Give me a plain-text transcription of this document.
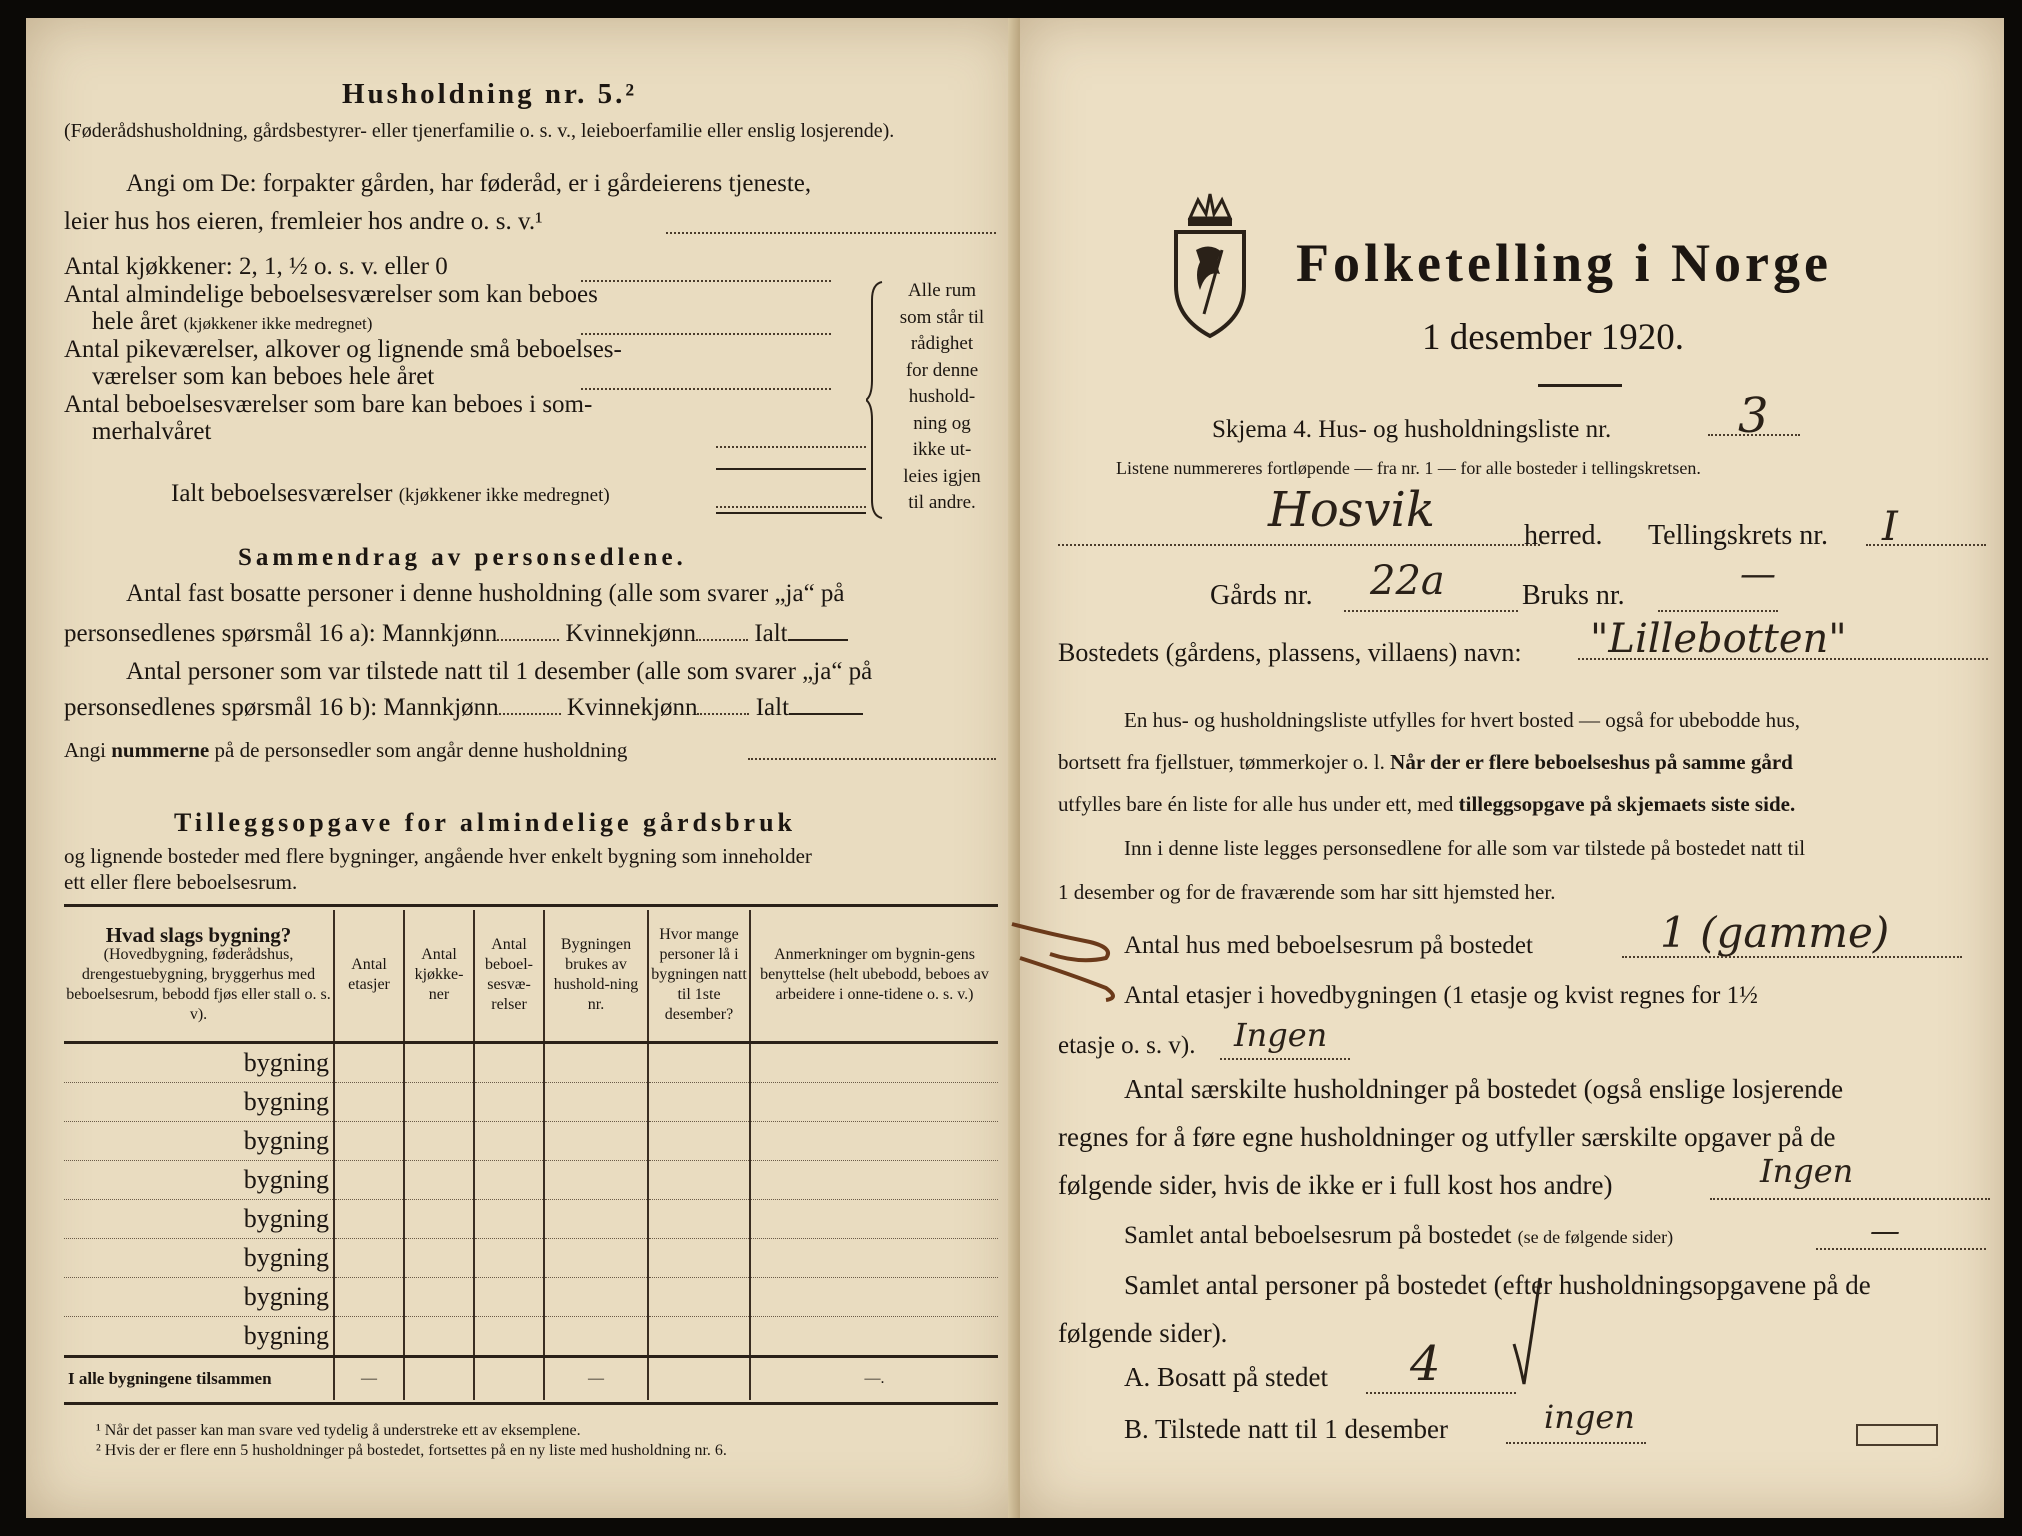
Husholdning nr. 5.²
(Føderådshusholdning, gårdsbestyrer- eller tjenerfamilie o. s. v., leieboerfamilie eller enslig losjerende).
Angi om De: forpakter gården, har føderåd, er i gårdeierens tjeneste,
leier hus hos eieren, fremleier hos andre o. s. v.¹
Antal kjøkkener: 2, 1, ½ o. s. v. eller 0
Antal almindelige beboelsesværelser som kan beboes
hele året (kjøkkener ikke medregnet)
Antal pikeværelser, alkover og lignende små beboelses-
værelser som kan beboes hele året
Antal beboelsesværelser som bare kan beboes i som-
merhalvåret
Ialt beboelsesværelser (kjøkkener ikke medregnet)
Alle rum
som står til
rådighet
for denne
hushold-
ning og
ikke ut-
leies igjen
til andre.
Sammendrag av personsedlene.
Antal fast bosatte personer i denne husholdning (alle som svarer „ja“ på
personsedlenes spørsmål 16 a): Mannkjønn	Kvinnekjønn Ialt
Antal personer som var tilstede natt til 1 desember (alle som svarer „ja“ på
personsedlenes spørsmål 16 b): Mannkjønn	Kvinnekjønn Ialt
Angi nummerne på de personsedler som angår denne husholdning
Tilleggsopgave for almindelige gårdsbruk
og lignende bosteder med flere bygninger, angående hver enkelt bygning som inneholder
ett eller flere beboelsesrum.
Hvad slags bygning?
(Hovedbygning, føderådshus, drengestuebygning, bryggerhus med beboelsesrum, bebodd fjøs eller stall o. s. v).	Antal etasjer	Antal kjøkke-ner	Antal beboel-sesvæ-relser	Bygningen brukes av hushold-ning nr.	Hvor mange personer lå i bygningen natt til 1ste desember?	Anmerkninger om bygnin-gens benyttelse (helt ubebodd, beboes av arbeidere i onne-tidene o. s. v.)
bygning						
bygning						
bygning						
bygning						
bygning						
bygning						
bygning						
bygning						
I alle bygningene tilsammen	—			—		—.
¹ Når det passer kan man svare ved tydelig å understreke ett av eksemplene.
² Hvis der er flere enn 5 husholdninger på bostedet, fortsettes på en ny liste med husholdning nr. 6.
Folketelling i Norge
1 desember 1920.
Skjema 4. Hus- og husholdningsliste nr.	3
Listene nummereres fortløpende — fra nr. 1 — for alle bosteder i tellingskretsen.
Hosvik	herred. Tellingskrets nr. I
Gårds nr. 22a	Bruks nr.
—
Bostedets (gårdens, plassens, villaens) navn: "Lillebotten"
En hus- og husholdningsliste utfylles for hvert bosted — også for ubebodde hus,
bortsett fra fjellstuer, tømmerkojer o. l. Når der er flere beboelseshus på samme gård
utfylles bare én liste for alle hus under ett, med tilleggsopgave på skjemaets siste side.
Inn i denne liste legges personsedlene for alle som var tilstede på bostedet natt til
1 desember og for de fraværende som har sitt hjemsted her.
Antal hus med beboelsesrum på bostedet	1 (gamme)
Antal etasjer i hovedbygningen (1 etasje og kvist regnes for 1½
etasje o. s. v). Ingen
Antal særskilte husholdninger på bostedet (også enslige losjerende
regnes for å føre egne husholdninger og utfyller særskilte opgaver på de
følgende sider, hvis de ikke er i full kost hos andre)	Ingen
Samlet antal beboelsesrum på bostedet (se de følgende sider)	—
Samlet antal personer på bostedet (efter husholdningsopgavene på de
følgende sider).
A. Bosatt på stedet 4
B. Tilstede natt til 1 desember	ingen
